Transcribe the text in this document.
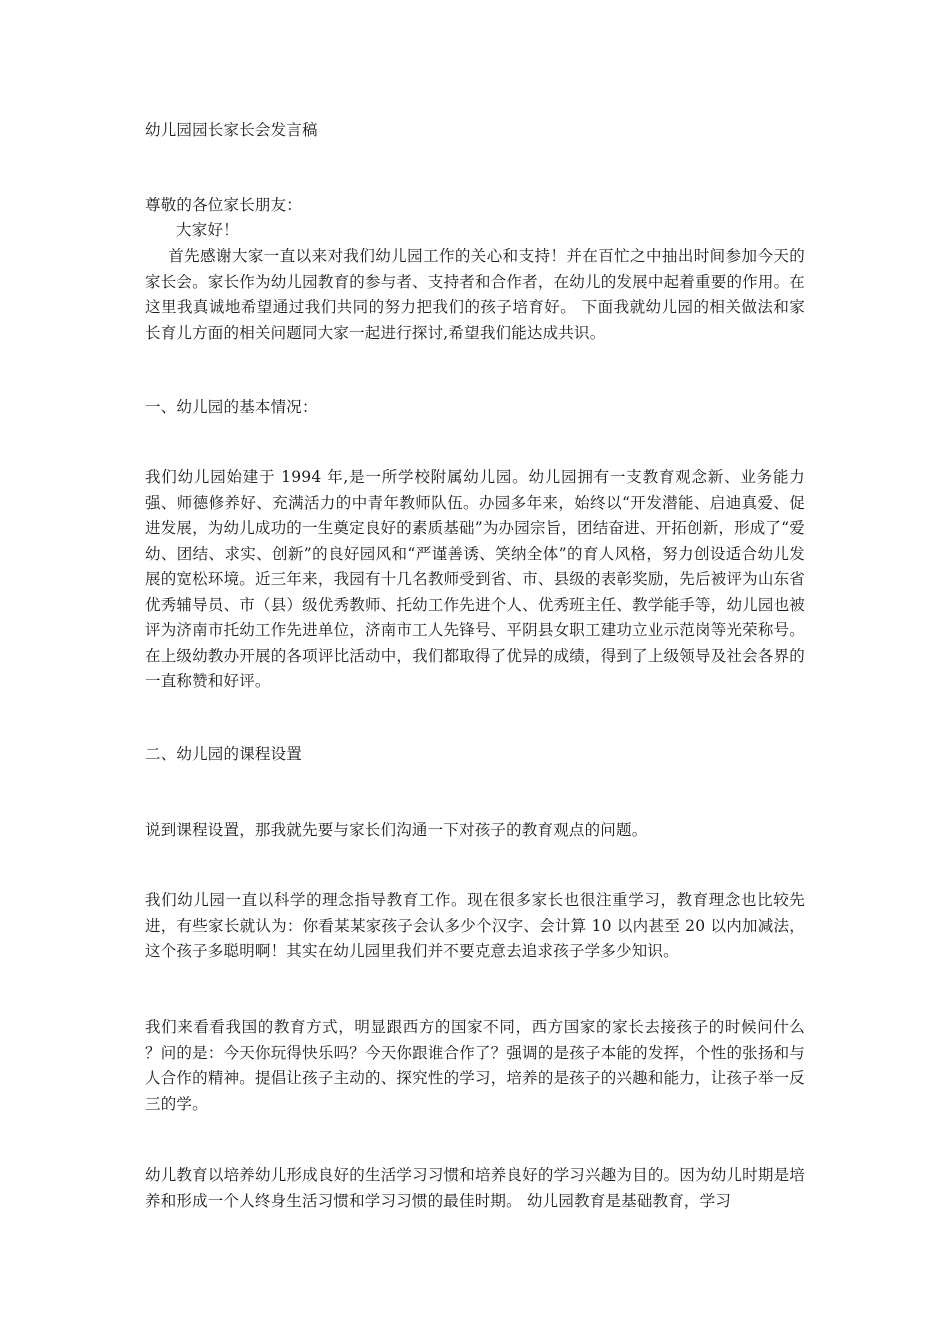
幼儿园园长家长会发言稿

尊敬的各位家长朋友：

大家好！

首先感谢大家一直以来对我们幼儿园工作的关心和支持！并在百忙之中抽出时间参加今天的家长会。家长作为幼儿园教育的参与者、支持者和合作者，在幼儿的发展中起着重要的作用。在这里我真诚地希望通过我们共同的努力把我们的孩子培育好。 下面我就幼儿园的相关做法和家长育儿方面的相关问题同大家一起进行探讨,希望我们能达成共识。

一、幼儿园的基本情况：

我们幼儿园始建于 1994 年,是一所学校附属幼儿园。幼儿园拥有一支教育观念新、业务能力强、师德修养好、充满活力的中青年教师队伍。办园多年来，始终以“开发潜能、启迪真爱、促进发展，为幼儿成功的一生奠定良好的素质基础”为办园宗旨，团结奋进、开拓创新，形成了“爱幼、团结、求实、创新”的良好园风和“严谨善诱、笑纳全体”的育人风格，努力创设适合幼儿发展的宽松环境。近三年来，我园有十几名教师受到省、市、县级的表彰奖励，先后被评为山东省优秀辅导员、市（县）级优秀教师、托幼工作先进个人、优秀班主任、教学能手等，幼儿园也被评为济南市托幼工作先进单位，济南市工人先锋号、平阴县女职工建功立业示范岗等光荣称号。 在上级幼教办开展的各项评比活动中，我们都取得了优异的成绩，得到了上级领导及社会各界的一直称赞和好评。

二、幼儿园的课程设置

说到课程设置，那我就先要与家长们沟通一下对孩子的教育观点的问题。

我们幼儿园一直以科学的理念指导教育工作。现在很多家长也很注重学习，教育理念也比较先进，有些家长就认为：你看某某家孩子会认多少个汉字、会计算 10 以内甚至 20 以内加减法，这个孩子多聪明啊！其实在幼儿园里我们并不要克意去追求孩子学多少知识。

我们来看看我国的教育方式，明显跟西方的国家不同，西方国家的家长去接孩子的时候问什么 ？问的是：今天你玩得快乐吗？今天你跟谁合作了？强调的是孩子本能的发挥，个性的张扬和与人合作的精神。提倡让孩子主动的、探究性的学习，培养的是孩子的兴趣和能力，让孩子举一反三的学。

幼儿教育以培养幼儿形成良好的生活学习习惯和培养良好的学习兴趣为目的。因为幼儿时期是培养和形成一个人终身生活习惯和学习习惯的最佳时期。 幼儿园教育是基础教育，学习
